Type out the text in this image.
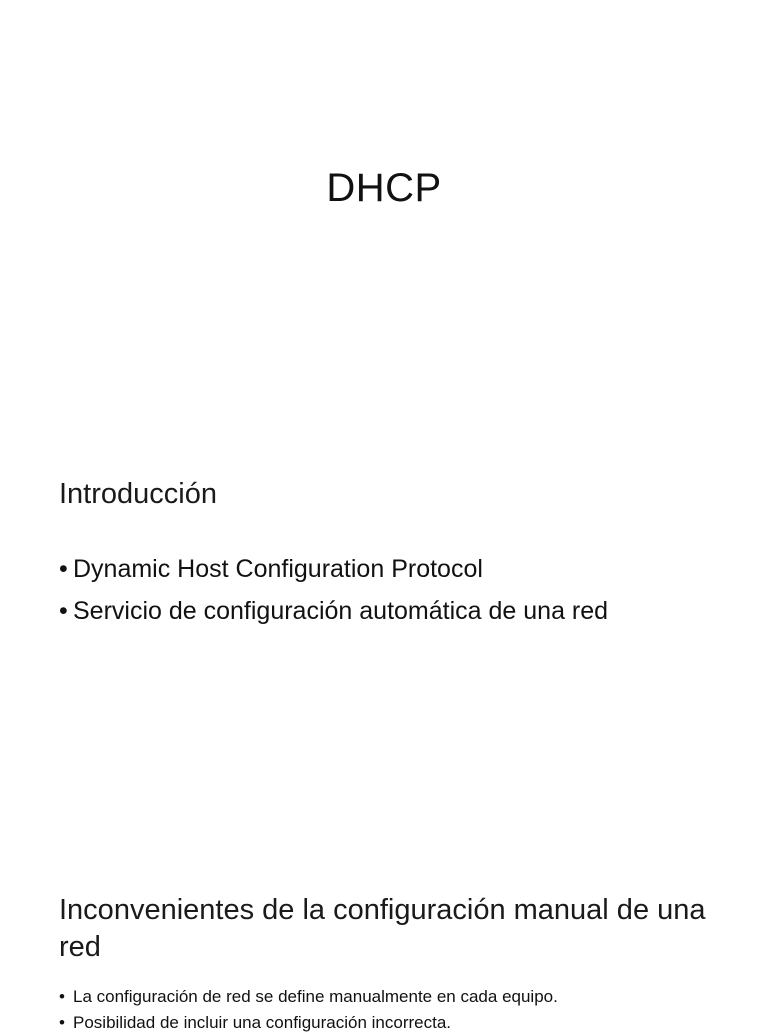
DHCP
Introducción
• Dynamic Host Configuration Protocol
• Servicio de configuración automática de una red
Inconvenientes de la configuración manual de una red
• La configuración de red se define manualmente en cada equipo.
• Posibilidad de incluir una configuración incorrecta.
